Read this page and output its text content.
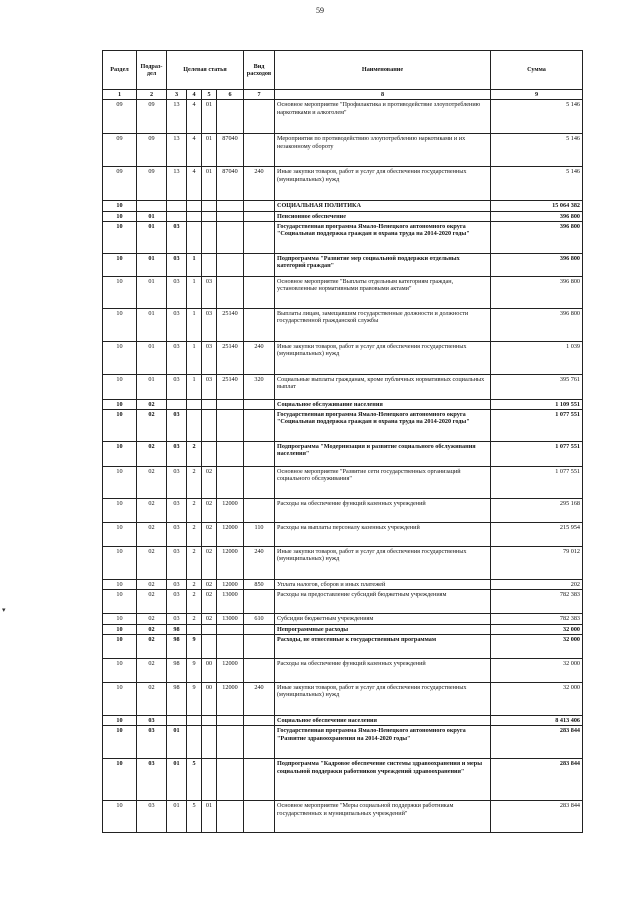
59
▾
Раздел	Подраз-дел	Целевая статья				Вид расходов	Наименование	Сумма
1	2	3	4	5	6	7	8	9
09	09	13	4	01			Основное мероприятие "Профилактика и противодействие злоупотреблению наркотиками и алкоголем"	5 146
09	09	13	4	01	87040		Мероприятия по противодействию злоупотреблению наркотиками и их незаконному обороту	5 146
09	09	13	4	01	87040	240	Иные закупки товаров, работ и услуг для обеспечения государственных (муниципальных) нужд	5 146
10							СОЦИАЛЬНАЯ ПОЛИТИКА	15 064 382
10	01						Пенсионное обеспечение	396 800
10	01	03					Государственная программа Ямало-Ненецкого автономного округа "Социальная поддержка граждан и охрана труда на 2014-2020 годы"	396 800
10	01	03	1				Подпрограмма "Развитие мер социальной поддержки отдельных категорий граждан"	396 800
10	01	03	1	03			Основное мероприятие "Выплаты отдельным категориям граждан, установленные нормативными правовыми актами"	396 800
10	01	03	1	03	25140		Выплаты лицам, замещавшим государственные должности и должности государственной гражданской службы	396 800
10	01	03	1	03	25140	240	Иные закупки товаров, работ и услуг для обеспечения государственных (муниципальных) нужд	1 039
10	01	03	1	03	25140	320	Социальные выплаты гражданам, кроме публичных нормативных социальных выплат	395 761
10	02						Социальное обслуживание населения	1 109 551
10	02	03					Государственная программа Ямало-Ненецкого автономного округа "Социальная поддержка граждан и охрана труда на 2014-2020 годы"	1 077 551
10	02	03	2				Подпрограмма "Модернизация и развитие социального обслуживания населения"	1 077 551
10	02	03	2	02			Основное мероприятие "Развитие сети государственных организаций социального обслуживания"	1 077 551
10	02	03	2	02	12000		Расходы на обеспечение функций казенных учреждений	295 168
10	02	03	2	02	12000	110	Расходы на выплаты персоналу казенных учреждений	215 954
10	02	03	2	02	12000	240	Иные закупки товаров, работ и услуг для обеспечения государственных (муниципальных) нужд	79 012
10	02	03	2	02	12000	850	Уплата налогов, сборов и иных платежей	202
10	02	03	2	02	13000		Расходы на предоставление субсидий бюджетным учреждениям	782 383
10	02	03	2	02	13000	610	Субсидии бюджетным учреждениям	782 383
10	02	98					Непрограммные расходы	32 000
10	02	98	9				Расходы, не отнесенные к государственным программам	32 000
10	02	98	9	00	12000		Расходы на обеспечение функций казенных учреждений	32 000
10	02	98	9	00	12000	240	Иные закупки товаров, работ и услуг для обеспечения государственных (муниципальных) нужд	32 000
10	03						Социальное обеспечение населения	8 413 406
10	03	01					Государственная программа Ямало-Ненецкого автономного округа "Развитие здравоохранения на 2014-2020 годы"	283 844
10	03	01	5				Подпрограмма "Кадровое обеспечение системы здравоохранения и меры социальной поддержки работников учреждений здравоохранения"	283 844
10	03	01	5	01			Основное мероприятие "Меры социальной поддержки работникам государственных и муниципальных учреждений"	283 844
